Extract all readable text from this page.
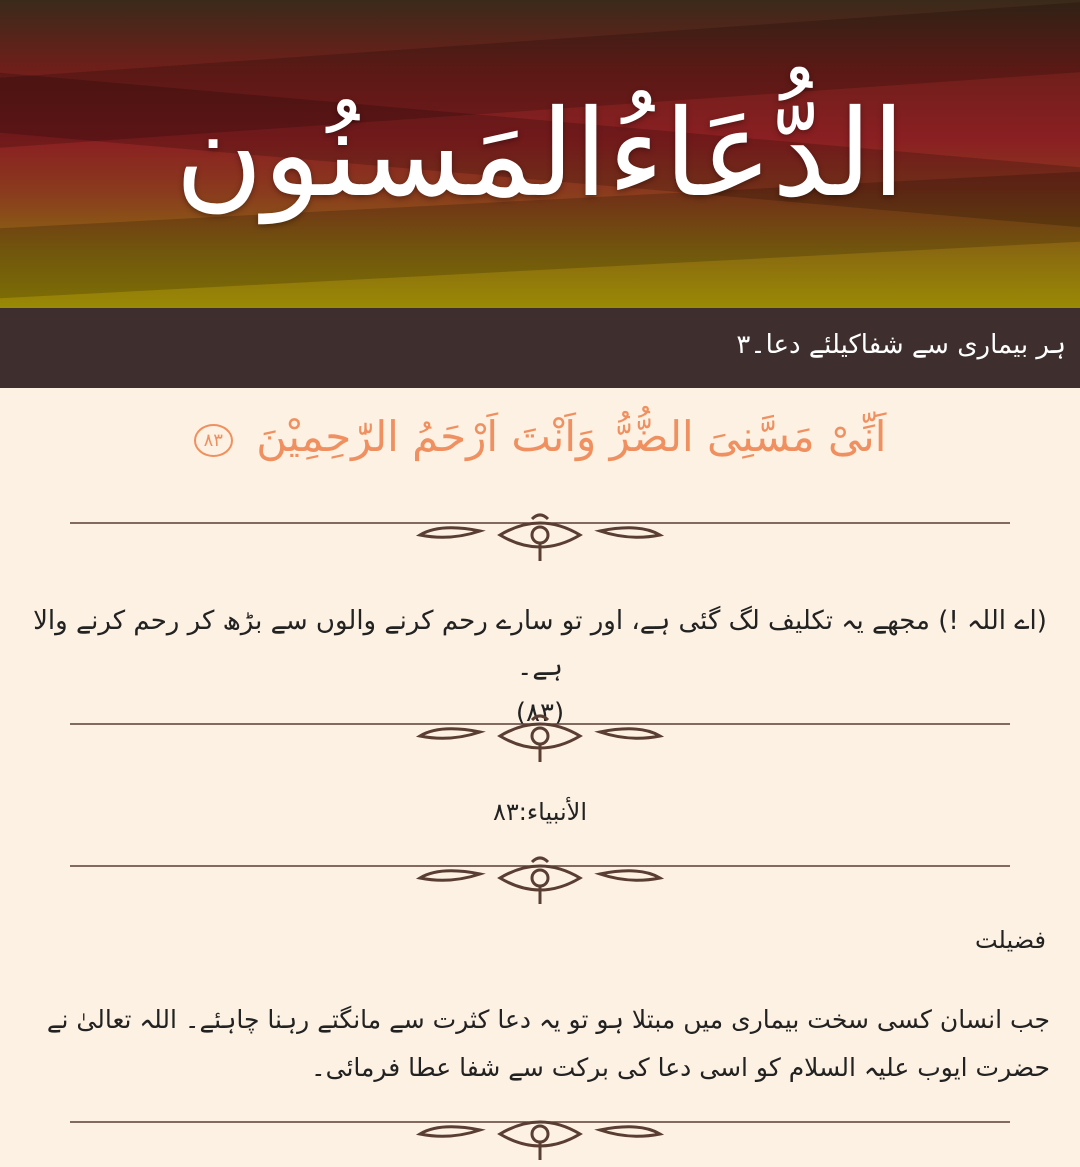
الدُّعَاءُالمَسنُون
ہر بیماری سے شفاکیلئے دعا۔۳
اَنِّیْ مَسَّنِیَ الضُّرُّ وَاَنْتَ اَرْحَمُ الرّٰحِمِیْنَ ۸۳
(اے اللہ !) مجھے یہ تکلیف لگ گئی ہے، اور تو سارے رحم کرنے والوں سے بڑھ کر رحم کرنے والا ہے۔
(۸۳)
الأنبیاء:۸۳
فضیلت
جب انسان کسی سخت بیماری میں مبتلا ہو تو یہ دعا کثرت سے مانگتے رہنا چاہئے۔ اللہ تعالیٰ نے حضرت ایوب علیہ السلام کو اسی دعا کی برکت سے شفا عطا فرمائی۔
